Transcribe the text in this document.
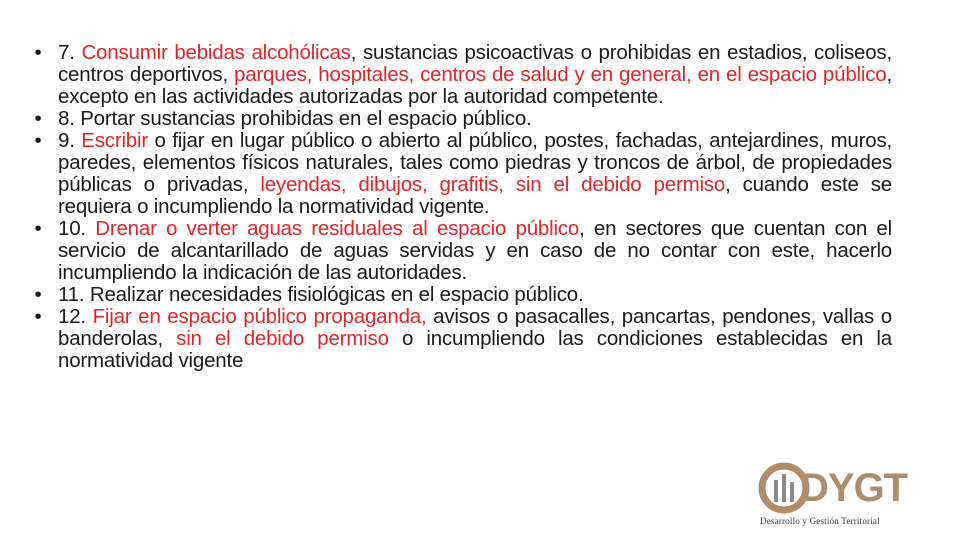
• 7. Consumir bebidas alcohólicas, sustancias psicoactivas o prohibidas en estadios, coliseos, centros deportivos, parques, hospitales, centros de salud y en general, en el espacio público, excepto en las actividades autorizadas por la autoridad competente.
• 8. Portar sustancias prohibidas en el espacio público.
• 9. Escribir o fijar en lugar público o abierto al público, postes, fachadas, antejardines, muros, paredes, elementos físicos naturales, tales como piedras y troncos de árbol, de propiedades públicas o privadas, leyendas, dibujos, grafitis, sin el debido permiso, cuando este se requiera o incumpliendo la normatividad vigente.
• 10. Drenar o verter aguas residuales al espacio público, en sectores que cuentan con el servicio de alcantarillado de aguas servidas y en caso de no contar con este, hacerlo incumpliendo la indicación de las autoridades.
• 11. Realizar necesidades fisiológicas en el espacio público.
• 12. Fijar en espacio público propaganda, avisos o pasacalles, pancartas, pendones, vallas o banderolas, sin el debido permiso o incumpliendo las condiciones establecidas en la normatividad vigente
DYGT
Desarrollo y Gestión Territorial
